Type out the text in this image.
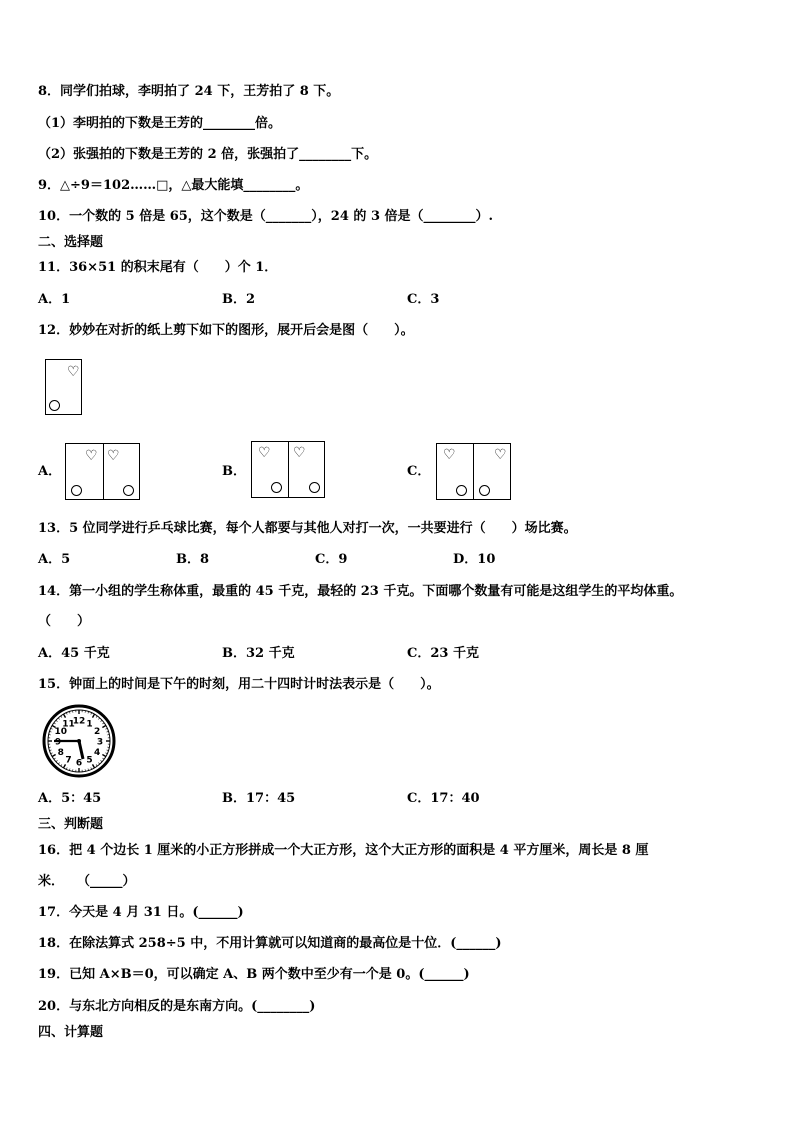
8．同学们拍球，李明拍了 24 下，王芳拍了 8 下。
（1）李明拍的下数是王芳的________倍。
（2）张强拍的下数是王芳的 2 倍，张强拍了________下。
9．△÷9＝102……□，△最大能填________。
10．一个数的 5 倍是 65，这个数是（_______），24 的 3 倍是（________）.
二、选择题
11．36×51 的积末尾有（　　）个 1．
A．1	B．2	C．3
12．妙妙在对折的纸上剪下如下的图形，展开后会是图（　　）。
♡
A．
♡ ♡
B．
♡ ♡
C．
♡	♡
13．5 位同学进行乒乓球比赛，每个人都要与其他人对打一次，一共要进行（　　）场比赛。
A．5	B．8	C．9	D．10
14．第一小组的学生称体重，最重的 45 千克，最轻的 23 千克。下面哪个数量有可能是这组学生的平均体重。
（　　）
A．45 千克	B．32 千克	C．23 千克
15．钟面上的时间是下午的时刻，用二十四时计时法表示是（　　）。
12 1
2
3
4
5
6
7
8
9
10
11
A．5：45	B．17：45	C．17：40
三、判断题
16．把 4 个边长 1 厘米的小正方形拼成一个大正方形，这个大正方形的面积是 4 平方厘米，周长是 8 厘
米．　　（_____）
17．今天是 4 月 31 日。(______)
18．在除法算式 258÷5 中，不用计算就可以知道商的最高位是十位．(______)
19．已知 A×B＝0，可以确定 A、B 两个数中至少有一个是 0。(______)
20．与东北方向相反的是东南方向。(________)
四、计算题
